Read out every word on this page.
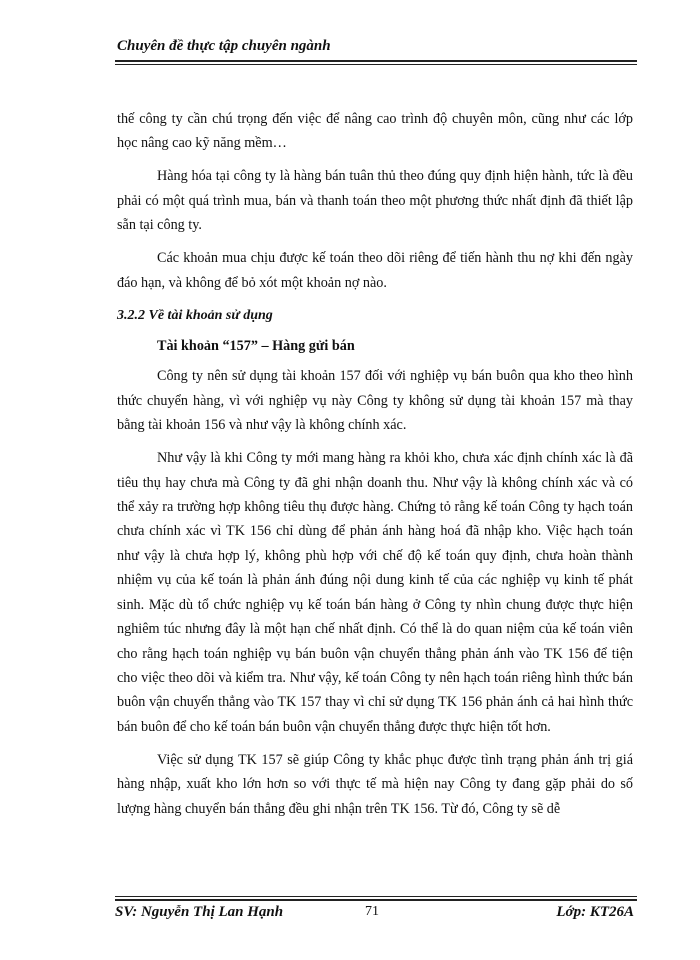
Chuyên đề thực tập chuyên ngành

thế công ty cần chú trọng đến việc để nâng cao trình độ chuyên môn, cũng như các lớp học nâng cao kỹ năng mềm…

Hàng hóa tại công ty là hàng bán tuân thủ theo đúng quy định hiện hành, tức là đều phải có một quá trình mua, bán và thanh toán theo một phương thức nhất định đã thiết lập sẵn tại công ty.

Các khoản mua chịu được kế toán theo dõi riêng để tiến hành thu nợ khi đến ngày đáo hạn, và không để bỏ xót một khoản nợ nào.

3.2.2 Về tài khoản sử dụng
Tài khoản “157” – Hàng gửi bán

Công ty nên sử dụng tài khoản 157 đối với nghiệp vụ bán buôn qua kho theo hình thức chuyển hàng, vì với nghiệp vụ này Công ty không sử dụng tài khoản 157 mà thay bằng tài khoản 156 và như vậy là không chính xác.

Như vậy là khi Công ty mới mang hàng ra khỏi kho, chưa xác định chính xác là đã tiêu thụ hay chưa mà Công ty đã ghi nhận doanh thu. Như vậy là không chính xác và có thể xảy ra trường hợp không tiêu thụ được hàng. Chứng tỏ rằng kế toán Công ty hạch toán chưa chính xác vì TK 156 chỉ dùng để phản ánh hàng hoá đã nhập kho. Việc hạch toán như vậy là chưa hợp lý, không phù hợp với chế độ kế toán quy định, chưa hoàn thành nhiệm vụ của kế toán là phản ánh đúng nội dung kinh tế của các nghiệp vụ kinh tế phát sinh. Mặc dù tổ chức nghiệp vụ kế toán bán hàng ở Công ty nhìn chung được thực hiện nghiêm túc nhưng đây là một hạn chế nhất định. Có thể là do quan niệm của kế toán viên cho rằng hạch toán nghiệp vụ bán buôn vận chuyển thẳng phản ánh vào TK 156 để tiện cho việc theo dõi và kiểm tra. Như vậy, kế toán Công ty nên hạch toán riêng hình thức bán buôn vận chuyển thẳng vào TK 157 thay vì chỉ sử dụng TK 156 phản ánh cả hai hình thức bán buôn để cho kế toán bán buôn vận chuyển thẳng được thực hiện tốt hơn.

Việc sử dụng TK 157 sẽ giúp Công ty khắc phục được tình trạng phản ánh trị giá hàng nhập, xuất kho lớn hơn so với thực tế mà hiện nay Công ty đang gặp phải do số lượng hàng chuyển bán thẳng đều ghi nhận trên TK 156. Từ đó, Công ty sẽ dễ

SV: Nguyễn Thị Lan Hạnh	71	Lớp: KT26A
